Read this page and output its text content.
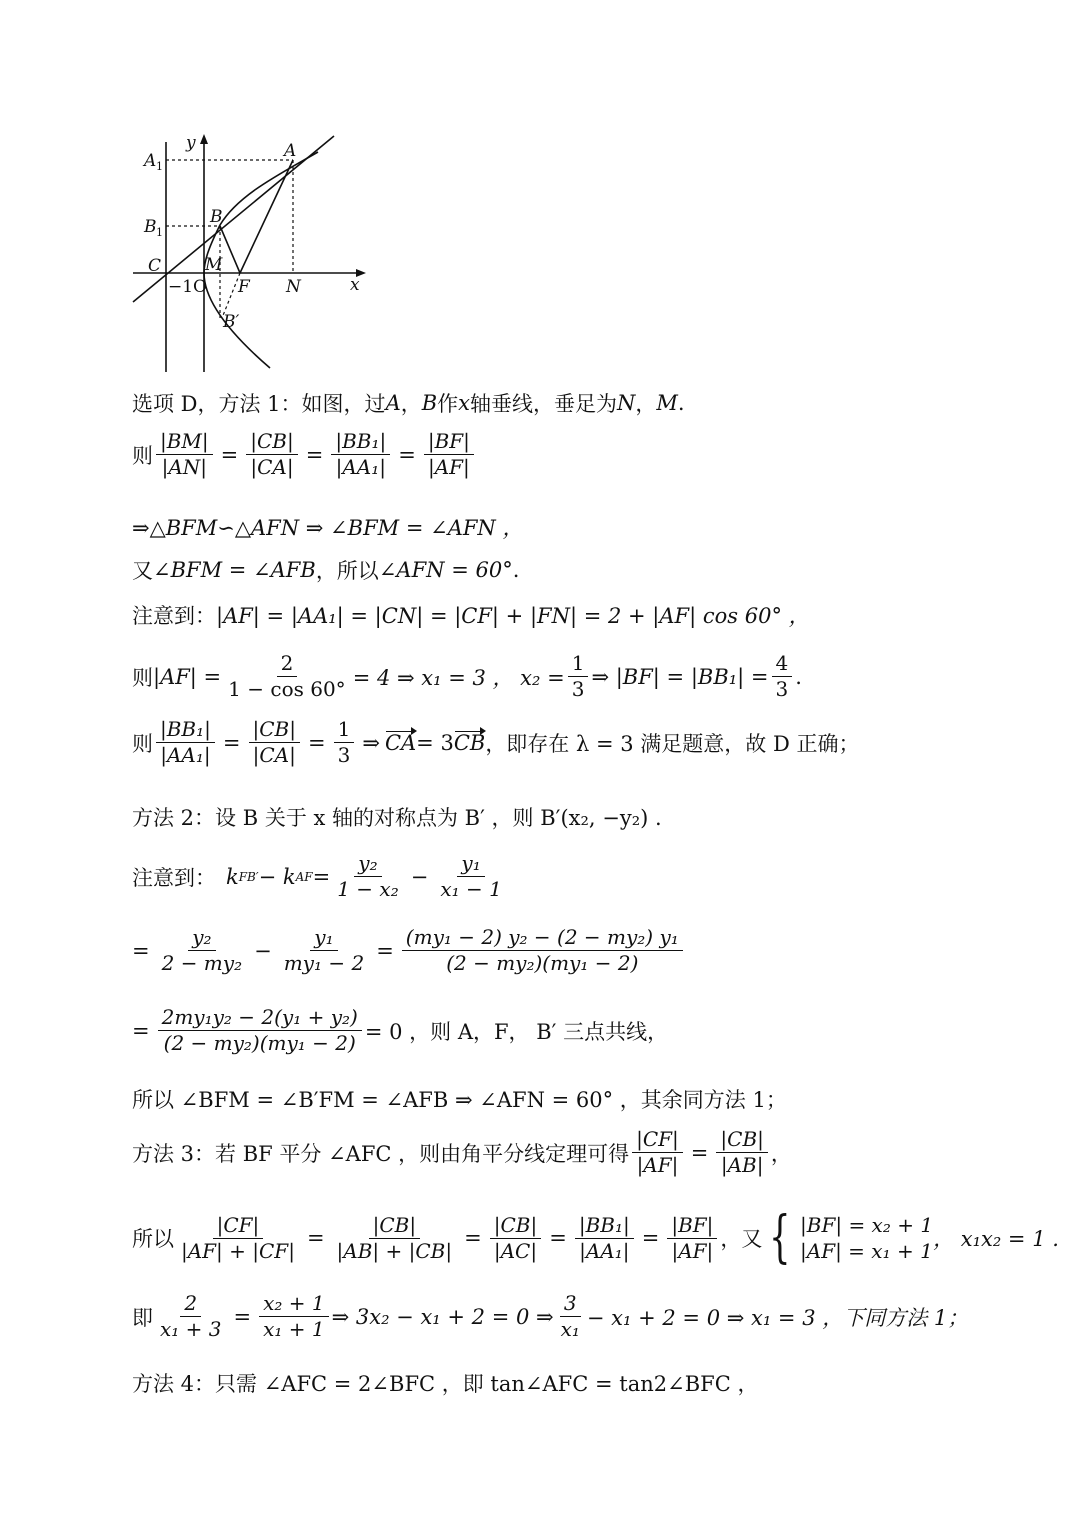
y
A 1
A
B 1
B
C	M
−1O F N	x
B′
选项 D，方法 1：如图，过 A ， B 作 x 轴垂线，垂足为 N ， M .
则 $\frac{|BM|}{|AN|} = \frac{|CB|}{|CA|} = \frac{\text{|BB₁|}}{\text{|AA₁|}} = \frac{|BF|}{|AF|}$
⇒△BFM∽△AFN ⇒ ∠BFM = ∠AFN ，
又 ∠BFM = ∠AFB ，所以 ∠AFN = 60° .
注意到： |AF| = |AA₁| = |CN| = |CF| + |FN| = 2 + |AF| cos 60° ，
则 $|AF| = \frac{2}{1 - \cos 60^\circ} = 4$ ⇒ x₁ = 3 ， $x_2 = \frac{1}{3}$ ⇒ $|BF| = |BB_1| = \frac{4}{3}$ .
则 $\frac{\text{|BB₁|}}{\text{|AA₁|}} = \frac{|CB|}{|CA|} = \frac{1}{3}$ ⇒ CA = 3 CB ，即存在 λ = 3 满足题意，故 D 正确；
方法 2：设 B 关于 x 轴的对称点为 B′ ，则 B′(x₂, −y₂) .
注意到： k FB′ − k AF = $\frac{\text{y₂}}{\text{1 − x₂}} - \frac{\text{y₁}}{\text{x₁ − 1}}$
= $\frac{\text{y₂}}{\text{2 − my₂}} - \frac{\text{y₁}}{\text{my₁ − 2}} = \frac{\text{(my₁ − 2) y₂ − (2 − my₂) y₁}}{\text{(2 − my₂)(my₁ − 2)}}$
= $\frac{\text{2my₁y₂ − 2(y₁ + y₂)}}{\text{(2 − my₂)(my₁ − 2)}} = 0$ ，则 A，F， B′ 三点共线，
所以 ∠BFM = ∠B′FM = ∠AFB ⇒ ∠AFN = 60° ，其余同方法 1；
方法 3：若 BF 平分 ∠AFC ，则由角平分线定理可得 $\frac{|CF|}{|AF|} = \frac{|CB|}{|AB|}$ ，
所以 $\frac{|CF|}{|AF| + |CF|} = \frac{|CB|}{|AB| + |CB|} = \frac{|CB|}{|AC|} = \frac{\text{|BB₁|}}{\text{|AA₁|}} = \frac{|BF|}{|AF|}$ ，又 { |BF| = x₂ + 1
|AF| = x₁ + 1 ， x₁x₂ = 1 .
即 $\frac{2}{\text{x₁ + 3}} = \frac{\text{x₂ + 1}}{\text{x₁ + 1}}$ ⇒ 3x₂ − x₁ + 2 = 0 ⇒ $\frac{3}{\text{x₁}} - x_1 + 2 = 0$ ⇒ x₁ = 3 ，下同方法 1；
方法 4：只需 ∠AFC = 2∠BFC ，即 tan∠AFC = tan2∠BFC ，
